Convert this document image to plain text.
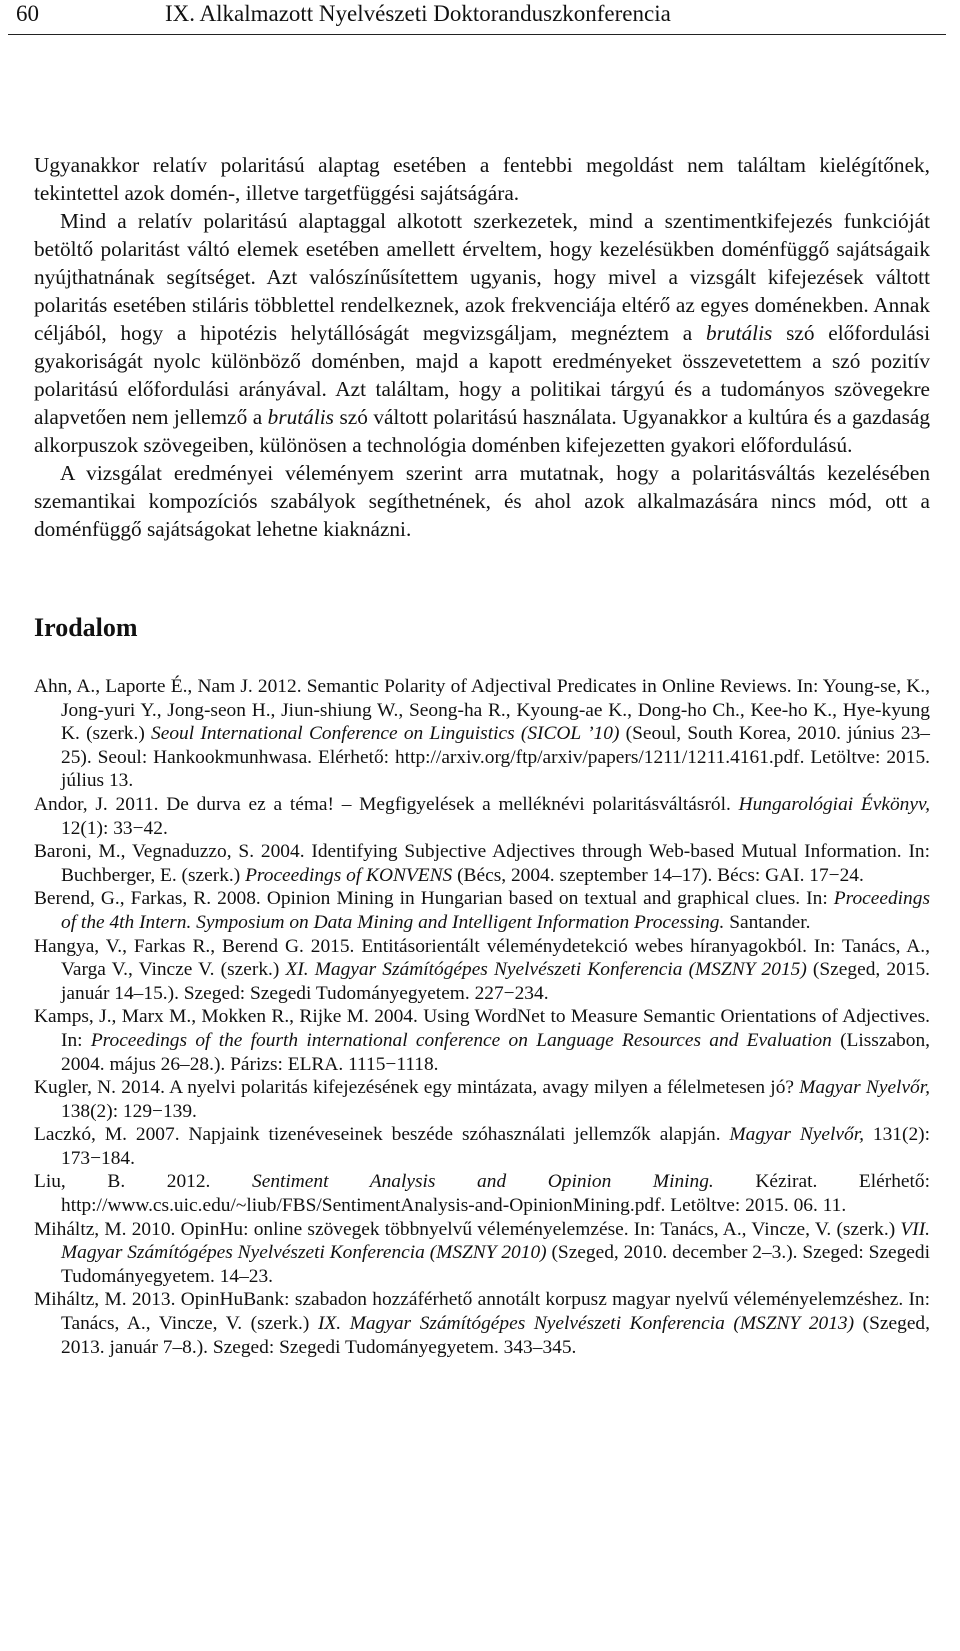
60	IX. Alkalmazott Nyelvészeti Doktoranduszkonferencia

Ugyanakkor relatív polaritású alaptag esetében a fentebbi megoldást nem találtam kielégítőnek, tekintettel azok domén-, illetve targetfüggési sajátságára.

Mind a relatív polaritású alaptaggal alkotott szerkezetek, mind a szentimentkifejezés funkcióját betöltő polaritást váltó elemek esetében amellett érveltem, hogy kezelésükben doménfüggő sajátságaik nyújthatnának segítséget. Azt valószínűsítettem ugyanis, hogy mivel a vizsgált kifejezések váltott polaritás esetében stiláris többlettel rendelkeznek, azok frekvenciája eltérő az egyes doménekben. Annak céljából, hogy a hipotézis helytállóságát megvizsgáljam, megnéztem a brutális szó előfordulási gyakoriságát nyolc különböző doménben, majd a kapott eredményeket összevetettem a szó pozitív polaritású előfordulási arányával. Azt találtam, hogy a politikai tárgyú és a tudományos szövegekre alapvetően nem jellemző a brutális szó váltott polaritású használata. Ugyanakkor a kultúra és a gazdaság alkorpuszok szövegeiben, különösen a technológia doménben kifejezetten gyakori előfordulású.

A vizsgálat eredményei véleményem szerint arra mutatnak, hogy a polaritásváltás kezelésében szemantikai kompozíciós szabályok segíthetnének, és ahol azok alkalmazására nincs mód, ott a doménfüggő sajátságokat lehetne kiaknázni.

Irodalom
Ahn, A., Laporte É., Nam J. 2012. Semantic Polarity of Adjectival Predicates in Online Reviews. In: Young-se, K., Jong-yuri Y., Jong-seon H., Jiun-shiung W., Seong-ha R., Kyoung-ae K., Dong-ho Ch., Kee-ho K., Hye-kyung K. (szerk.) Seoul International Conference on Linguistics (SICOL ’10) (Seoul, South Korea, 2010. június 23–25). Seoul: Hankookmunhwasa. Elérhető: http://arxiv.org/ftp/arxiv/papers/1211/1211.4161.pdf. Letöltve: 2015. július 13.
Andor, J. 2011. De durva ez a téma! – Megfigyelések a melléknévi polaritásváltásról. Hungarológiai Évkönyv, 12(1): 33−42.
Baroni, M., Vegnaduzzo, S. 2004. Identifying Subjective Adjectives through Web-based Mutual Information. In: Buchberger, E. (szerk.) Proceedings of KONVENS (Bécs, 2004. szeptember 14–17). Bécs: GAI. 17−24.
Berend, G., Farkas, R. 2008. Opinion Mining in Hungarian based on textual and graphical clues. In: Proceedings of the 4th Intern. Symposium on Data Mining and Intelligent Information Processing. Santander.
Hangya, V., Farkas R., Berend G. 2015. Entitásorientált véleménydetekció webes híranyagokból. In: Tanács, A., Varga V., Vincze V. (szerk.) XI. Magyar Számítógépes Nyelvészeti Konferencia (MSZNY 2015) (Szeged, 2015. január 14–15.). Szeged: Szegedi Tudományegyetem. 227−234.
Kamps, J., Marx M., Mokken R., Rijke M. 2004. Using WordNet to Measure Semantic Orientations of Adjectives. In: Proceedings of the fourth international conference on Language Resources and Evaluation (Lisszabon, 2004. május 26–28.). Párizs: ELRA. 1115−1118.
Kugler, N. 2014. A nyelvi polaritás kifejezésének egy mintázata, avagy milyen a félelmetesen jó? Magyar Nyelvőr, 138(2): 129−139.
Laczkó, M. 2007. Napjaink tizenéveseinek beszéde szóhasználati jellemzők alapján. Magyar Nyelvőr, 131(2): 173−184.
Liu, B. 2012. Sentiment Analysis and Opinion Mining. Kézirat. Elérhető: http://www.cs.uic.edu/~liub/FBS/SentimentAnalysis-and-OpinionMining.pdf. Letöltve: 2015. 06. 11.
Miháltz, M. 2010. OpinHu: online szövegek többnyelvű véleményelemzése. In: Tanács, A., Vincze, V. (szerk.) VII. Magyar Számítógépes Nyelvészeti Konferencia (MSZNY 2010) (Szeged, 2010. december 2–3.). Szeged: Szegedi Tudományegyetem. 14–23.
Miháltz, M. 2013. OpinHuBank: szabadon hozzáférhető annotált korpusz magyar nyelvű véleményelemzéshez. In: Tanács, A., Vincze, V. (szerk.) IX. Magyar Számítógépes Nyelvészeti Konferencia (MSZNY 2013) (Szeged, 2013. január 7–8.). Szeged: Szegedi Tudományegyetem. 343–345.
